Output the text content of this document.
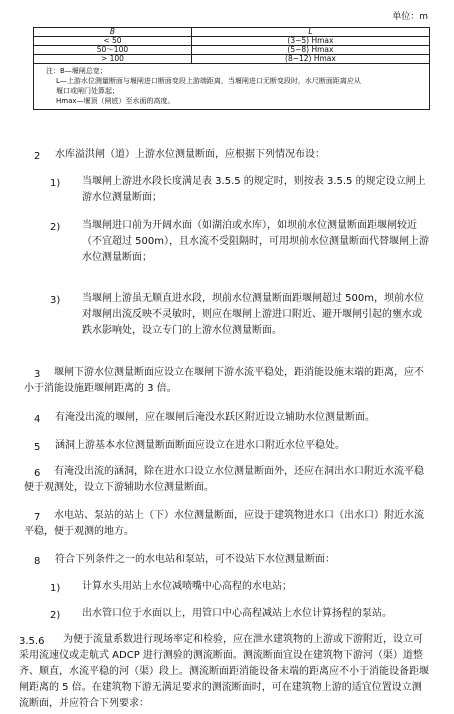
单位：m
B	L
< 50	(3~5) Hmax
50～100	(5~8) Hmax
> 100	(8~12) Hmax

注：B—堰闸总宽；
L—上游水位测量断面与堰闸进口断面变段上游端距离，当堰闸进口无断变段时，水尺断面距离应从
堰口或闸门处算起；
Hmax—堰顶（闸底）至水面的高度。	
2 水库溢洪闸（道）上游水位测量断面，应根据下列情况布设：
1) 当堰闸上游进水段长度满足表 3.5.5 的规定时，则按表 3.5.5 的规定设立闸上游水位测量断面；
2) 当堰闸进口前为开阔水面（如湖泊或水库），如坝前水位测量断面距堰闸较近（不宜超过 500m），且水流不受阻隔时，可用坝前水位测量断面代替堰闸上游水位测量断面；
3) 当堰闸上游虽无顺直进水段，坝前水位测量断面距堰闸超过 500m，坝前水位对堰闸出流反映不灵敏时，则应在堰闸上游进口附近、避开堰闸引起的壅水或跌水影响处，设立专门的上游水位测量断面。
3	堰闸下游水位测量断面应设立在堰闸下游水流平稳处，距消能设施末端的距离，应不小于消能设施距堰闸距离的 3 倍。
4 有淹没出流的堰闸，应在堰闸后淹没水跃区附近设立辅助水位测量断面。
5 涵洞上游基本水位测量断面断面应设立在进水口附近水位平稳处。
6	有淹没出流的涵洞，除在进水口设立水位测量断面外，还应在洞出水口附近水流平稳便于观测处，设立下游辅助水位测量断面。
7	水电站、泵站的站上（下）水位测量断面，应设于建筑物进水口（出水口）附近水流平稳，便于观测的地方。
8 符合下列条件之一的水电站和泵站，可不设站下水位测量断面：
1) 计算水头用站上水位减喷嘴中心高程的水电站；
2) 出水管口位于水面以上，用管口中心高程减站上水位计算扬程的泵站。
3.5.6	为便于流量系数进行现场率定和检验，应在泄水建筑物的上游或下游附近，设立可采用流速仪或走航式 ADCP 进行测验的测流断面。测流断面宜设在建筑物下游河（渠）道整齐、顺直，水流平稳的河（渠）段上。测流断面距消能设备末端的距离应不小于消能设备距堰闸距离的 5 倍。在建筑物下游无满足要求的测流断面时，可在建筑物上游的适宜位置设立测流断面，并应符合下列要求：
